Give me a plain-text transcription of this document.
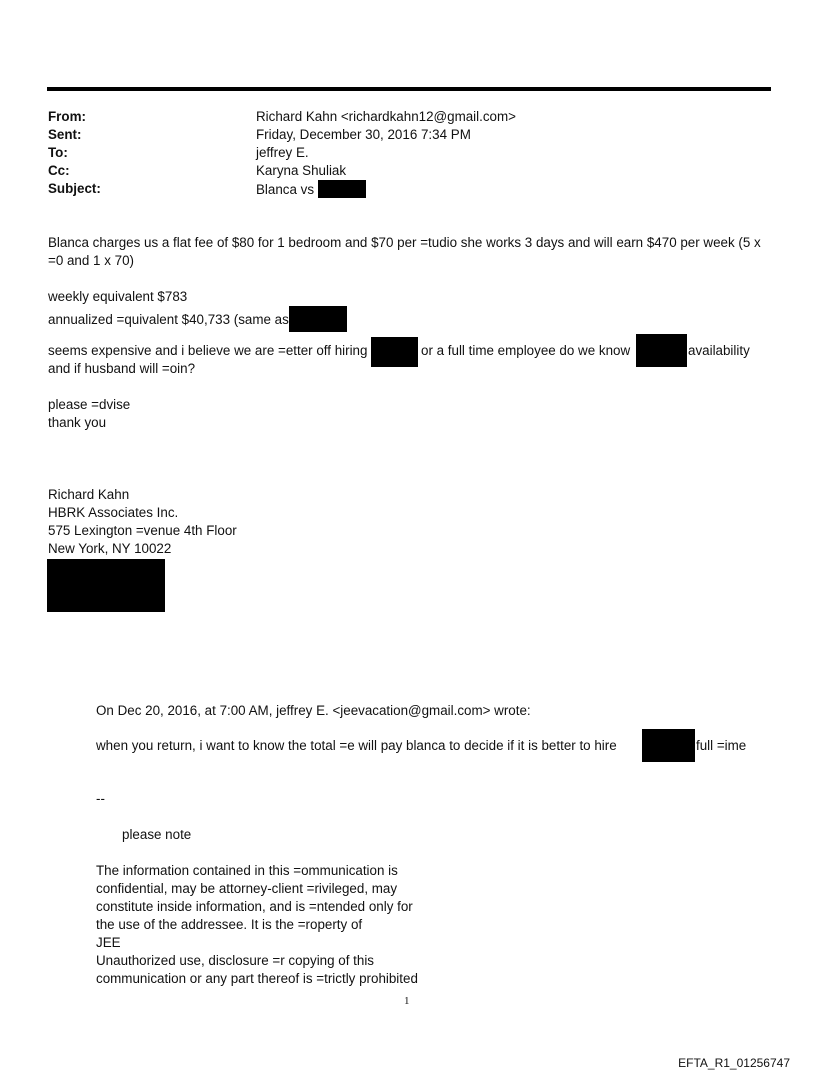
From:	Richard Kahn <richardkahn12@gmail.com>
Sent:	Friday, December 30, 2016 7:34 PM
To:	jeffrey E.
Cc:	Karyna Shuliak
Subject:	Blanca vs
Blanca charges us a flat fee of $80 for 1 bedroom and $70 per =tudio she works 3 days and will earn $470 per week (5 x
=0 and 1 x 70)
weekly equivalent $783
annualized =quivalent $40,733 (same as
seems expensive and i believe we are =etter off hiring	or a full time employee do we know	availability
and if husband will =oin?
please =dvise
thank you
Richard Kahn
HBRK Associates Inc.
575 Lexington =venue 4th Floor
New York, NY 10022
On Dec 20, 2016, at 7:00 AM, jeffrey E. <jeevacation@gmail.com> wrote:
when you return, i want to know the total =e will pay blanca to decide if it is better to hire	full =ime
--
please note
The information contained in this =ommunication is
confidential, may be attorney-client =rivileged, may
constitute inside information, and is =ntended only for
the use of the addressee. It is the =roperty of
JEE
Unauthorized use, disclosure =r copying of this
communication or any part thereof is =trictly prohibited
1
EFTA_R1_01256747
